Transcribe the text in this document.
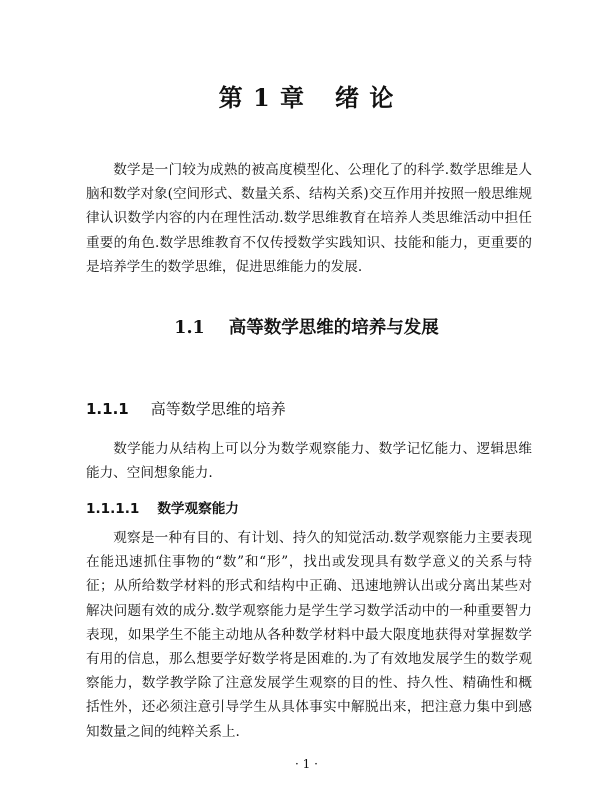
第 1 章 绪 论

数学是一门较为成熟的被高度模型化、公理化了的科学.数学思维是人脑和数学对象(空间形式、数量关系、结构关系)交互作用并按照一般思维规律认识数学内容的内在理性活动.数学思维教育在培养人类思维活动中担任重要的角色.数学思维教育不仅传授数学实践知识、技能和能力，更重要的是培养学生的数学思维，促进思维能力的发展.

1.1 高等数学思维的培养与发展
1.1.1 高等数学思维的培养

数学能力从结构上可以分为数学观察能力、数学记忆能力、逻辑思维能力、空间想象能力.

1.1.1.1 数学观察能力

观察是一种有目的、有计划、持久的知觉活动.数学观察能力主要表现在能迅速抓住事物的“数”和“形”，找出或发现具有数学意义的关系与特征；从所给数学材料的形式和结构中正确、迅速地辨认出或分离出某些对解决问题有效的成分.数学观察能力是学生学习数学活动中的一种重要智力表现，如果学生不能主动地从各种数学材料中最大限度地获得对掌握数学有用的信息，那么想要学好数学将是困难的.为了有效地发展学生的数学观察能力，数学教学除了注意发展学生观察的目的性、持久性、精确性和概括性外，还必须注意引导学生从具体事实中解脱出来，把注意力集中到感知数量之间的纯粹关系上.

· 1 ·
